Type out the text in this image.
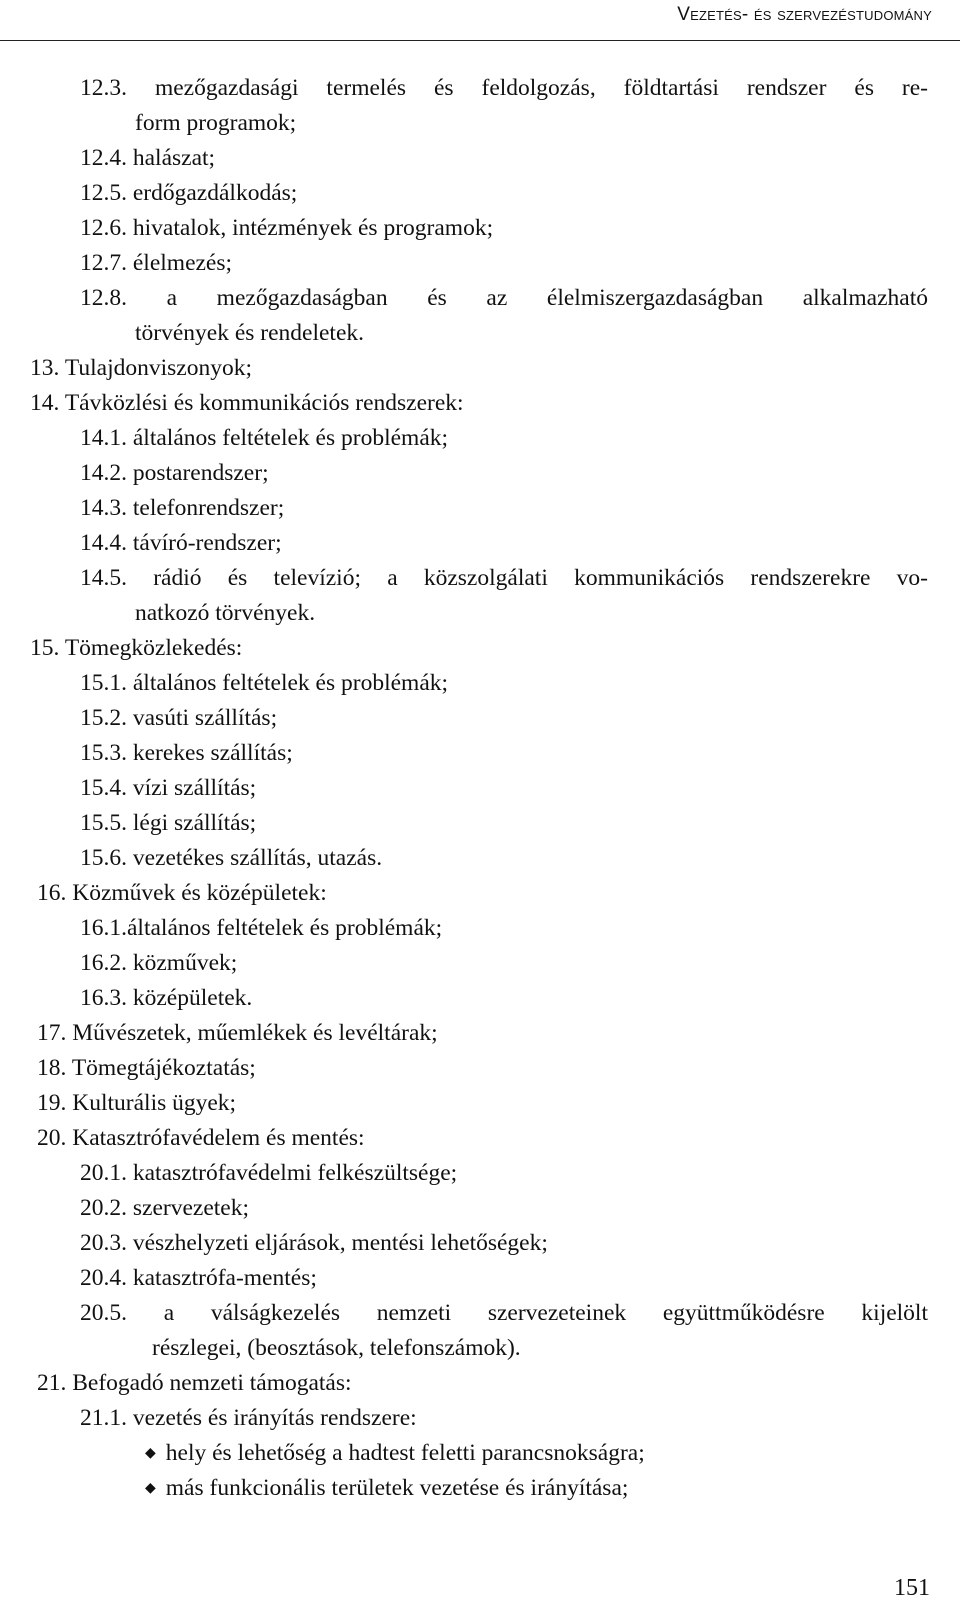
Vezetés- és szervezéstudomány
12.3. mezőgazdasági termelés és feldolgozás, földtartási rendszer és re-
form programok;
12.4. halászat;
12.5. erdőgazdálkodás;
12.6. hivatalok, intézmények és programok;
12.7. élelmezés;
12.8. a mezőgazdaságban és az élelmiszergazdaságban alkalmazható
törvények és rendeletek.
13. Tulajdonviszonyok;
14. Távközlési és kommunikációs rendszerek:
14.1. általános feltételek és problémák;
14.2. postarendszer;
14.3. telefonrendszer;
14.4. távíró-rendszer;
14.5. rádió és televízió; a közszolgálati kommunikációs rendszerekre vo-
natkozó törvények.
15. Tömegközlekedés:
15.1. általános feltételek és problémák;
15.2. vasúti szállítás;
15.3. kerekes szállítás;
15.4. vízi szállítás;
15.5. légi szállítás;
15.6. vezetékes szállítás, utazás.
16. Közművek és középületek:
16.1.általános feltételek és problémák;
16.2. közművek;
16.3. középületek.
17. Művészetek, műemlékek és levéltárak;
18. Tömegtájékoztatás;
19. Kulturális ügyek;
20. Katasztrófavédelem és mentés:
20.1. katasztrófavédelmi felkészültsége;
20.2. szervezetek;
20.3. vészhelyzeti eljárások, mentési lehetőségek;
20.4. katasztrófa-mentés;
20.5. a válságkezelés nemzeti szervezeteinek együttműködésre kijelölt
részlegei, (beosztások, telefonszámok).
21. Befogadó nemzeti támogatás:
21.1. vezetés és irányítás rendszere:
◆ hely és lehetőség a hadtest feletti parancsnokságra;
◆ más funkcionális területek vezetése és irányítása;
151
